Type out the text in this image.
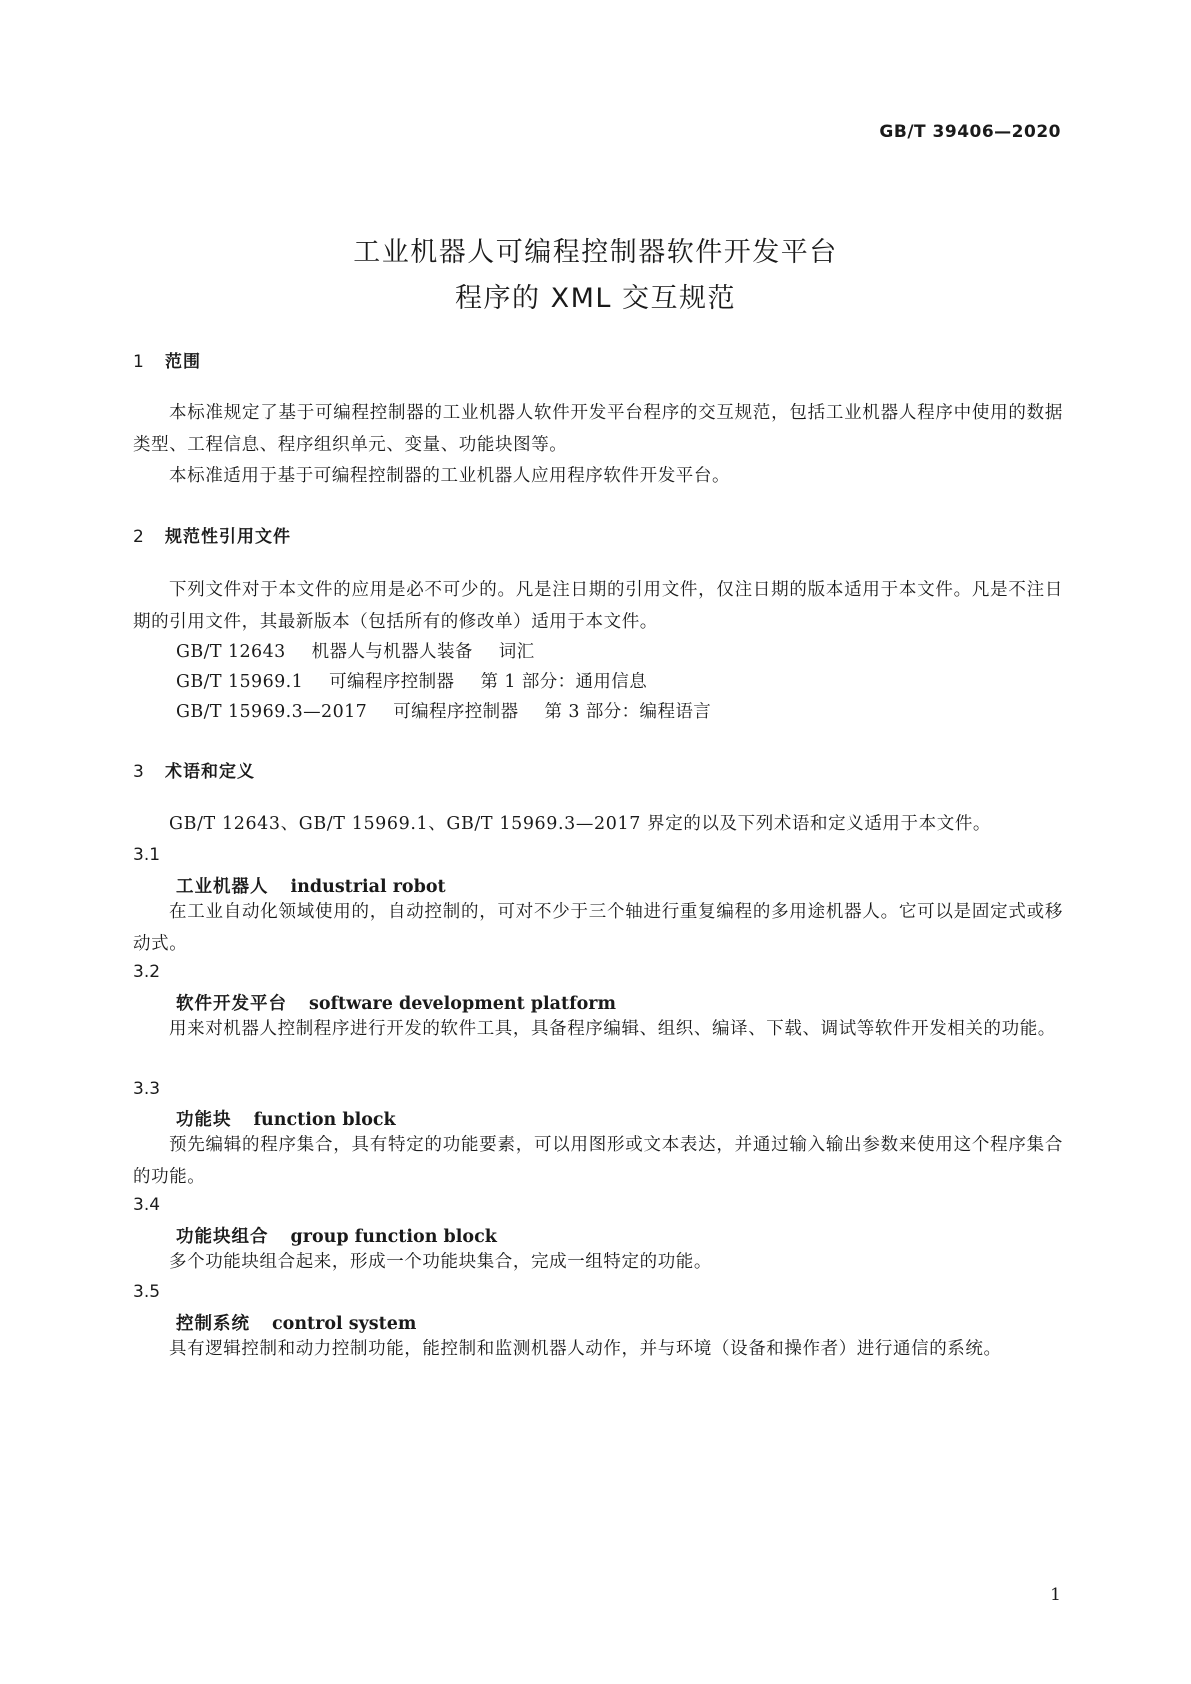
GB/T 39406—2020
工业机器人可编程控制器软件开发平台
程序的 XML 交互规范
1 范围
本标准规定了基于可编程控制器的工业机器人软件开发平台程序的交互规范，包括工业机器人程序中使用的数据类型、工程信息、程序组织单元、变量、功能块图等。
本标准适用于基于可编程控制器的工业机器人应用程序软件开发平台。
2 规范性引用文件
下列文件对于本文件的应用是必不可少的。凡是注日期的引用文件，仅注日期的版本适用于本文件。凡是不注日期的引用文件，其最新版本（包括所有的修改单）适用于本文件。
GB/T 12643 机器人与机器人装备 词汇
GB/T 15969.1 可编程序控制器 第 1 部分：通用信息
GB/T 15969.3—2017 可编程序控制器 第 3 部分：编程语言
3 术语和定义
GB/T 12643、GB/T 15969.1、GB/T 15969.3—2017 界定的以及下列术语和定义适用于本文件。
3.1
工业机器人 industrial robot
在工业自动化领域使用的，自动控制的，可对不少于三个轴进行重复编程的多用途机器人。它可以是固定式或移动式。
3.2
软件开发平台 software development platform
用来对机器人控制程序进行开发的软件工具，具备程序编辑、组织、编译、下载、调试等软件开发相关的功能。
3.3
功能块 function block
预先编辑的程序集合，具有特定的功能要素，可以用图形或文本表达，并通过输入输出参数来使用这个程序集合的功能。
3.4
功能块组合 group function block
多个功能块组合起来，形成一个功能块集合，完成一组特定的功能。
3.5
控制系统 control system
具有逻辑控制和动力控制功能，能控制和监测机器人动作，并与环境（设备和操作者）进行通信的系统。
1
